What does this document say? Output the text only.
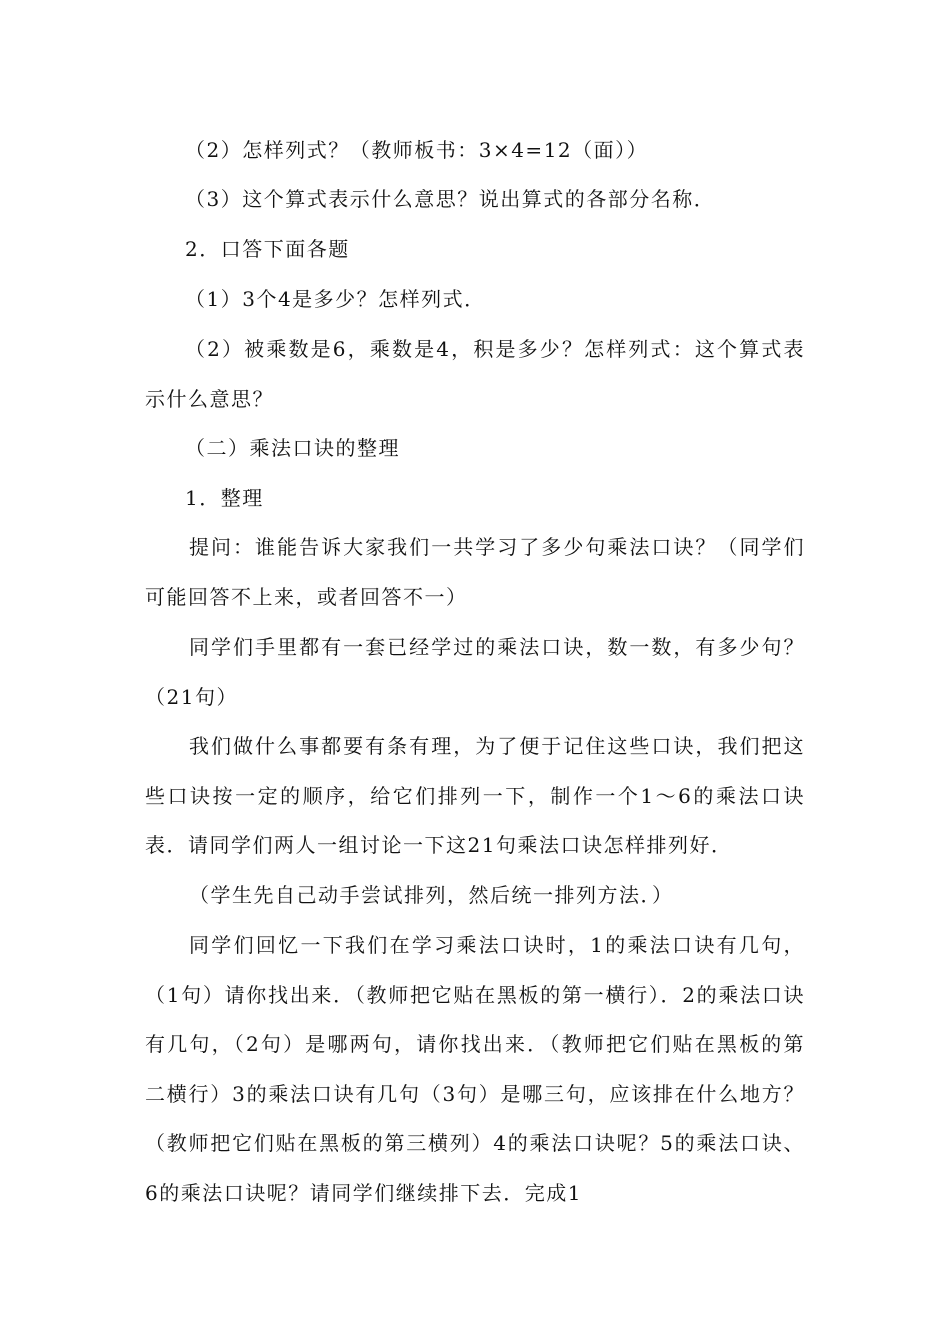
（2）怎样列式？（教师板书：3×4=12（面））

（3）这个算式表示什么意思？说出算式的各部分名称．

2．口答下面各题

（1）3个4是多少？怎样列式．

（2）被乘数是6，乘数是4，积是多少？怎样列式：这个算式表示什么意思？

（二）乘法口诀的整理

1．整理

提问：谁能告诉大家我们一共学习了多少句乘法口诀？（同学们可能回答不上来，或者回答不一）

同学们手里都有一套已经学过的乘法口诀，数一数，有多少句？（21句）

我们做什么事都要有条有理，为了便于记住这些口诀，我们把这些口诀按一定的顺序，给它们排列一下，制作一个1～6的乘法口诀表．请同学们两人一组讨论一下这21句乘法口诀怎样排列好．

（学生先自己动手尝试排列，然后统一排列方法．）

同学们回忆一下我们在学习乘法口诀时，1的乘法口诀有几句，（1句）请你找出来．（教师把它贴在黑板的第一横行）．2的乘法口诀有几句，（2句）是哪两句，请你找出来．（教师把它们贴在黑板的第二横行）3的乘法口诀有几句（3句）是哪三句，应该排在什么地方？（教师把它们贴在黑板的第三横列）4的乘法口诀呢？5的乘法口诀、6的乘法口诀呢？请同学们继续排下去．完成1
